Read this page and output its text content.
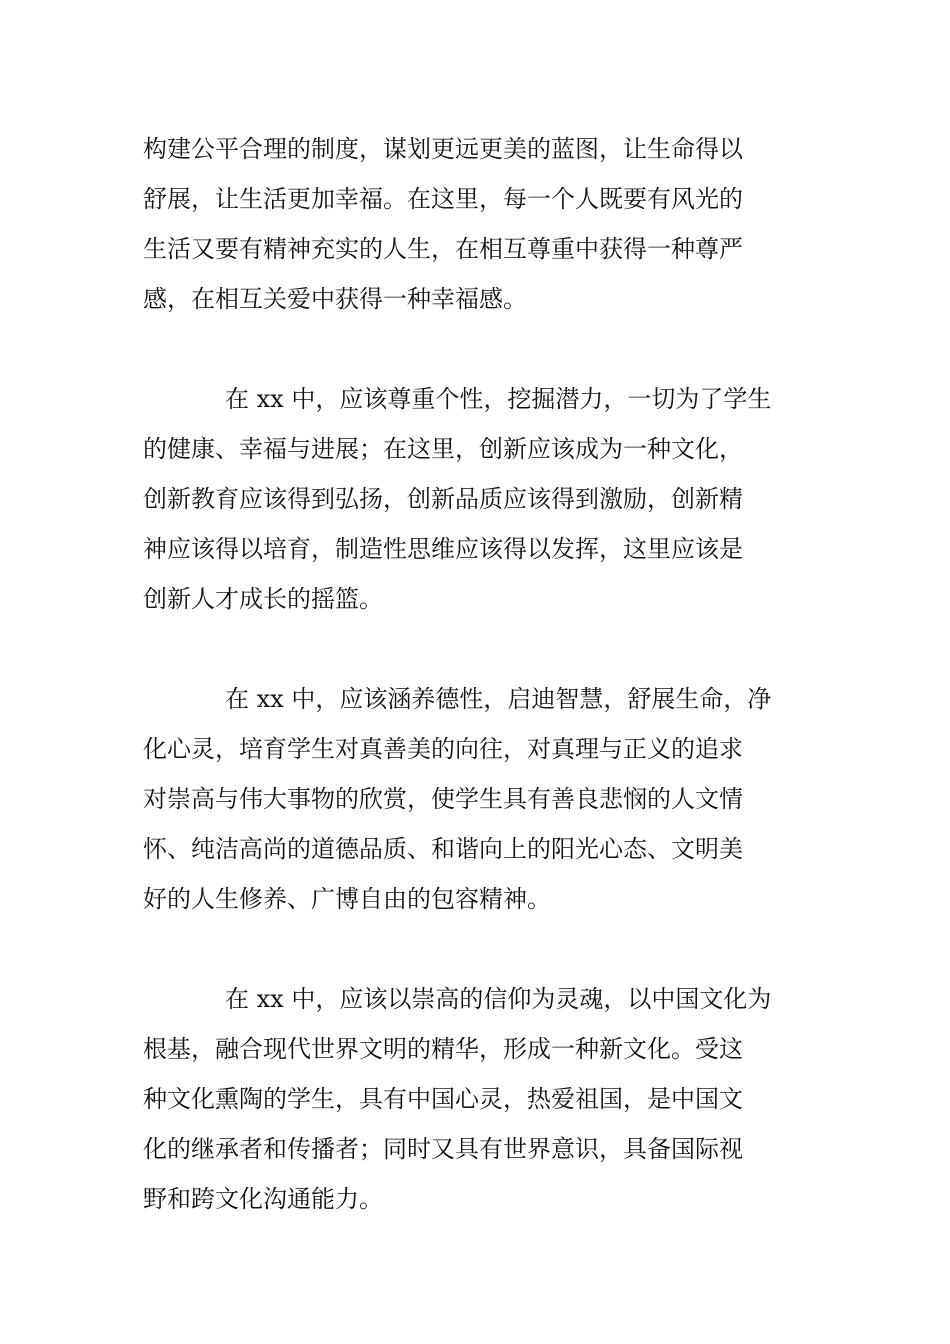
构建公平合理的制度，谋划更远更美的蓝图，让生命得以
舒展，让生活更加幸福。在这里，每一个人既要有风光的
生活又要有精神充实的人生，在相互尊重中获得一种尊严
感，在相互关爱中获得一种幸福感。
在 xx 中，应该尊重个性，挖掘潜力，一切为了学生
的健康、幸福与进展；在这里，创新应该成为一种文化，
创新教育应该得到弘扬，创新品质应该得到激励，创新精
神应该得以培育，制造性思维应该得以发挥，这里应该是
创新人才成长的摇篮。
在 xx 中，应该涵养德性，启迪智慧，舒展生命，净
化心灵，培育学生对真善美的向往，对真理与正义的追求
对崇高与伟大事物的欣赏，使学生具有善良悲悯的人文情
怀、纯洁高尚的道德品质、和谐向上的阳光心态、文明美
好的人生修养、广博自由的包容精神。
在 xx 中，应该以崇高的信仰为灵魂，以中国文化为
根基，融合现代世界文明的精华，形成一种新文化。受这
种文化熏陶的学生，具有中国心灵，热爱祖国，是中国文
化的继承者和传播者；同时又具有世界意识，具备国际视
野和跨文化沟通能力。
